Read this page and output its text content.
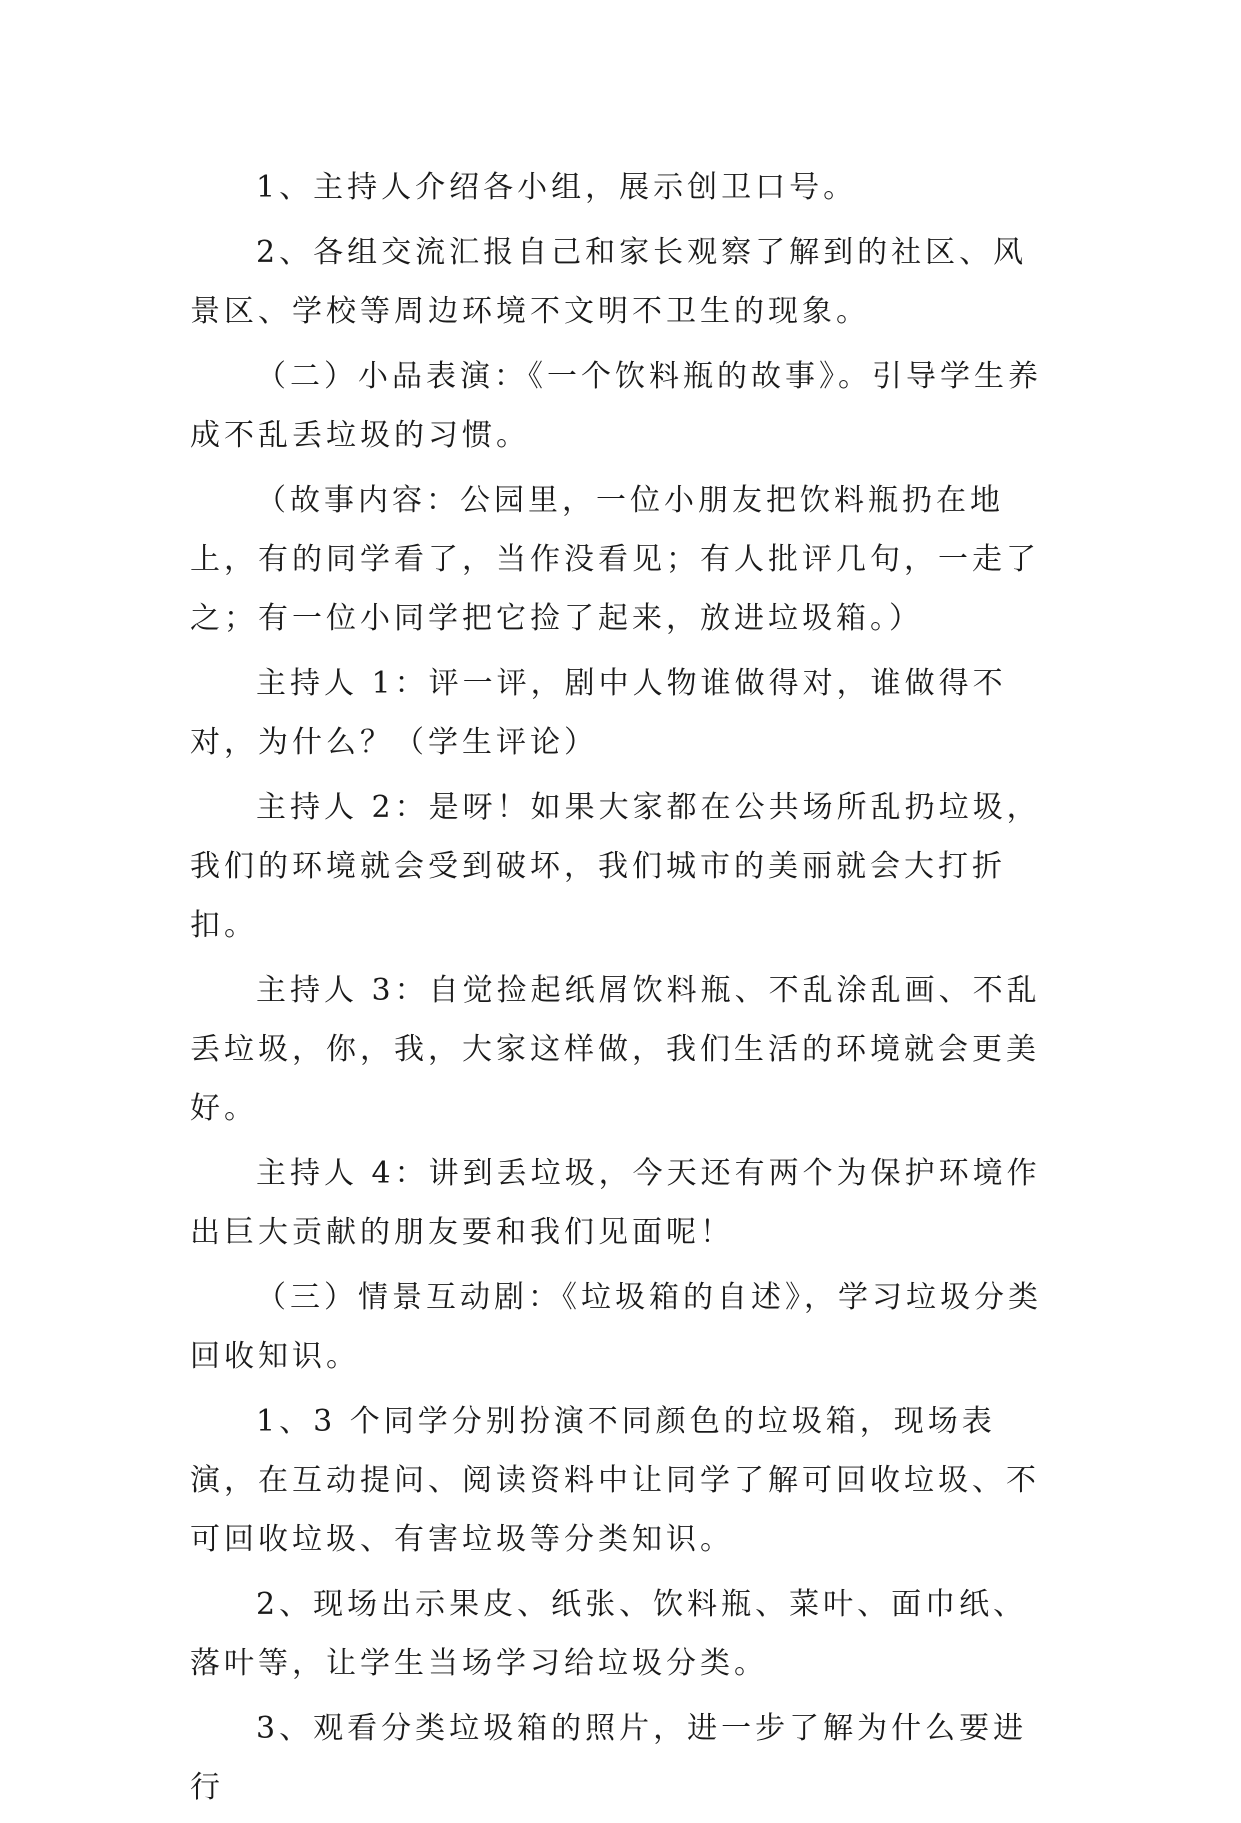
1、主持人介绍各小组，展示创卫口号。

2、各组交流汇报自己和家长观察了解到的社区、风景区、学校等周边环境不文明不卫生的现象。

（二）小品表演：《一个饮料瓶的故事》。引导学生养成不乱丢垃圾的习惯。

（故事内容：公园里，一位小朋友把饮料瓶扔在地上，有的同学看了，当作没看见；有人批评几句，一走了之；有一位小同学把它捡了起来，放进垃圾箱。）

主持人 1：评一评，剧中人物谁做得对，谁做得不对，为什么？（学生评论）

主持人 2：是呀！如果大家都在公共场所乱扔垃圾，我们的环境就会受到破坏，我们城市的美丽就会大打折扣。

主持人 3：自觉捡起纸屑饮料瓶、不乱涂乱画、不乱丢垃圾，你，我，大家这样做，我们生活的环境就会更美好。

主持人 4：讲到丢垃圾，今天还有两个为保护环境作出巨大贡献的朋友要和我们见面呢！

（三）情景互动剧：《垃圾箱的自述》，学习垃圾分类回收知识。

1、3 个同学分别扮演不同颜色的垃圾箱，现场表演，在互动提问、阅读资料中让同学了解可回收垃圾、不可回收垃圾、有害垃圾等分类知识。

2、现场出示果皮、纸张、饮料瓶、菜叶、面巾纸、落叶等，让学生当场学习给垃圾分类。

3、观看分类垃圾箱的照片，进一步了解为什么要进行
